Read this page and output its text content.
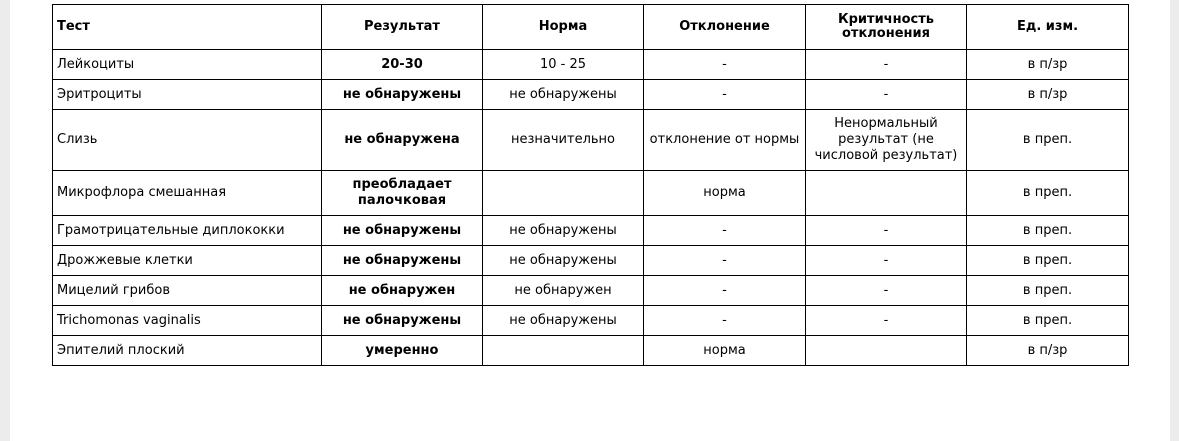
Тест	Результат	Норма	Отклонение	Критичность отклонения	Ед. изм.
Лейкоциты	20-30	10 - 25	-	-	в п/зр
Эритроциты	не обнаружены	не обнаружены	-	-	в п/зр
Слизь	не обнаружена	незначительно	отклонение от нормы	Ненормальный результат (не числовой результат)	в преп.
Микрофлора смешанная	преобладает палочковая		норма		в преп.
Грамотрицательные диплококки	не обнаружены	не обнаружены	-	-	в преп.
Дрожжевые клетки	не обнаружены	не обнаружены	-	-	в преп.
Мицелий грибов	не обнаружен	не обнаружен	-	-	в преп.
Trichomonas vaginalis	не обнаружены	не обнаружены	-	-	в преп.
Эпителий плоский	умеренно		норма		в п/зр
